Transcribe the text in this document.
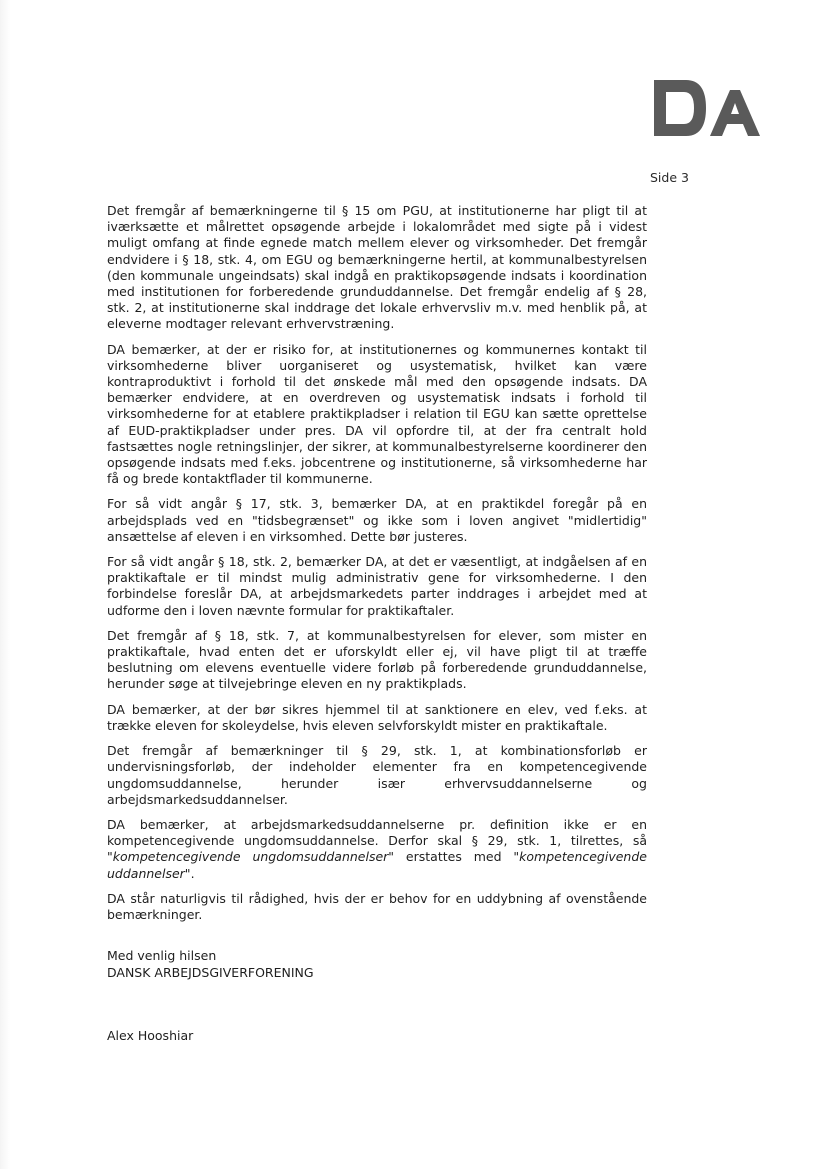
DA
Side 3

Det fremgår af bemærkningerne til § 15 om PGU, at institutionerne har pligt til at iværksætte et målrettet opsøgende arbejde i lokalområdet med sigte på i videst muligt omfang at finde egnede match mellem elever og virksomheder. Det fremgår endvidere i § 18, stk. 4, om EGU og bemærkningerne hertil, at kommunalbestyrelsen (den kommunale ungeindsats) skal indgå en praktikopsøgende indsats i koordination med institutionen for forberedende grunduddannelse. Det fremgår endelig af § 28, stk. 2, at institutionerne skal inddrage det lokale erhvervsliv m.v. med henblik på, at eleverne modtager relevant erhvervstræning.

DA bemærker, at der er risiko for, at institutionernes og kommunernes kontakt til virksomhederne bliver uorganiseret og usystematisk, hvilket kan være kontraproduktivt i forhold til det ønskede mål med den opsøgende indsats. DA bemærker endvidere, at en overdreven og usystematisk indsats i forhold til virksomhederne for at etablere praktikpladser i relation til EGU kan sætte oprettelse af EUD-praktikpladser under pres. DA vil opfordre til, at der fra centralt hold fastsættes nogle retningslinjer, der sikrer, at kommunalbestyrelserne koordinerer den opsøgende indsats med f.eks. jobcentrene og institutionerne, så virksomhederne har få og brede kontaktflader til kommunerne.

For så vidt angår § 17, stk. 3, bemærker DA, at en praktikdel foregår på en arbejdsplads ved en "tidsbegrænset" og ikke som i loven angivet "midlertidig" ansættelse af eleven i en virksomhed. Dette bør justeres.

For så vidt angår § 18, stk. 2, bemærker DA, at det er væsentligt, at indgåelsen af en praktikaftale er til mindst mulig administrativ gene for virksomhederne. I den forbindelse foreslår DA, at arbejdsmarkedets parter inddrages i arbejdet med at udforme den i loven nævnte formular for praktikaftaler.

Det fremgår af § 18, stk. 7, at kommunalbestyrelsen for elever, som mister en praktikaftale, hvad enten det er uforskyldt eller ej, vil have pligt til at træffe beslutning om elevens eventuelle videre forløb på forberedende grunduddannelse, herunder søge at tilvejebringe eleven en ny praktikplads.

DA bemærker, at der bør sikres hjemmel til at sanktionere en elev, ved f.eks. at trække eleven for skoleydelse, hvis eleven selvforskyldt mister en praktikaftale.

Det fremgår af bemærkninger til § 29, stk. 1, at kombinationsforløb er undervisningsforløb, der indeholder elementer fra en kompetencegivende ungdomsuddannelse, herunder især erhvervsuddannelserne og arbejdsmarkedsuddannelser.

DA bemærker, at arbejdsmarkedsuddannelserne pr. definition ikke er en kompetencegivende ungdomsuddannelse. Derfor skal § 29, stk. 1, tilrettes, så "kompetencegivende ungdomsuddannelser" erstattes med "kompetencegivende uddannelser".

DA står naturligvis til rådighed, hvis der er behov for en uddybning af ovenstående bemærkninger.

Med venlig hilsen
DANSK ARBEJDSGIVERFORENING
Alex Hooshiar
